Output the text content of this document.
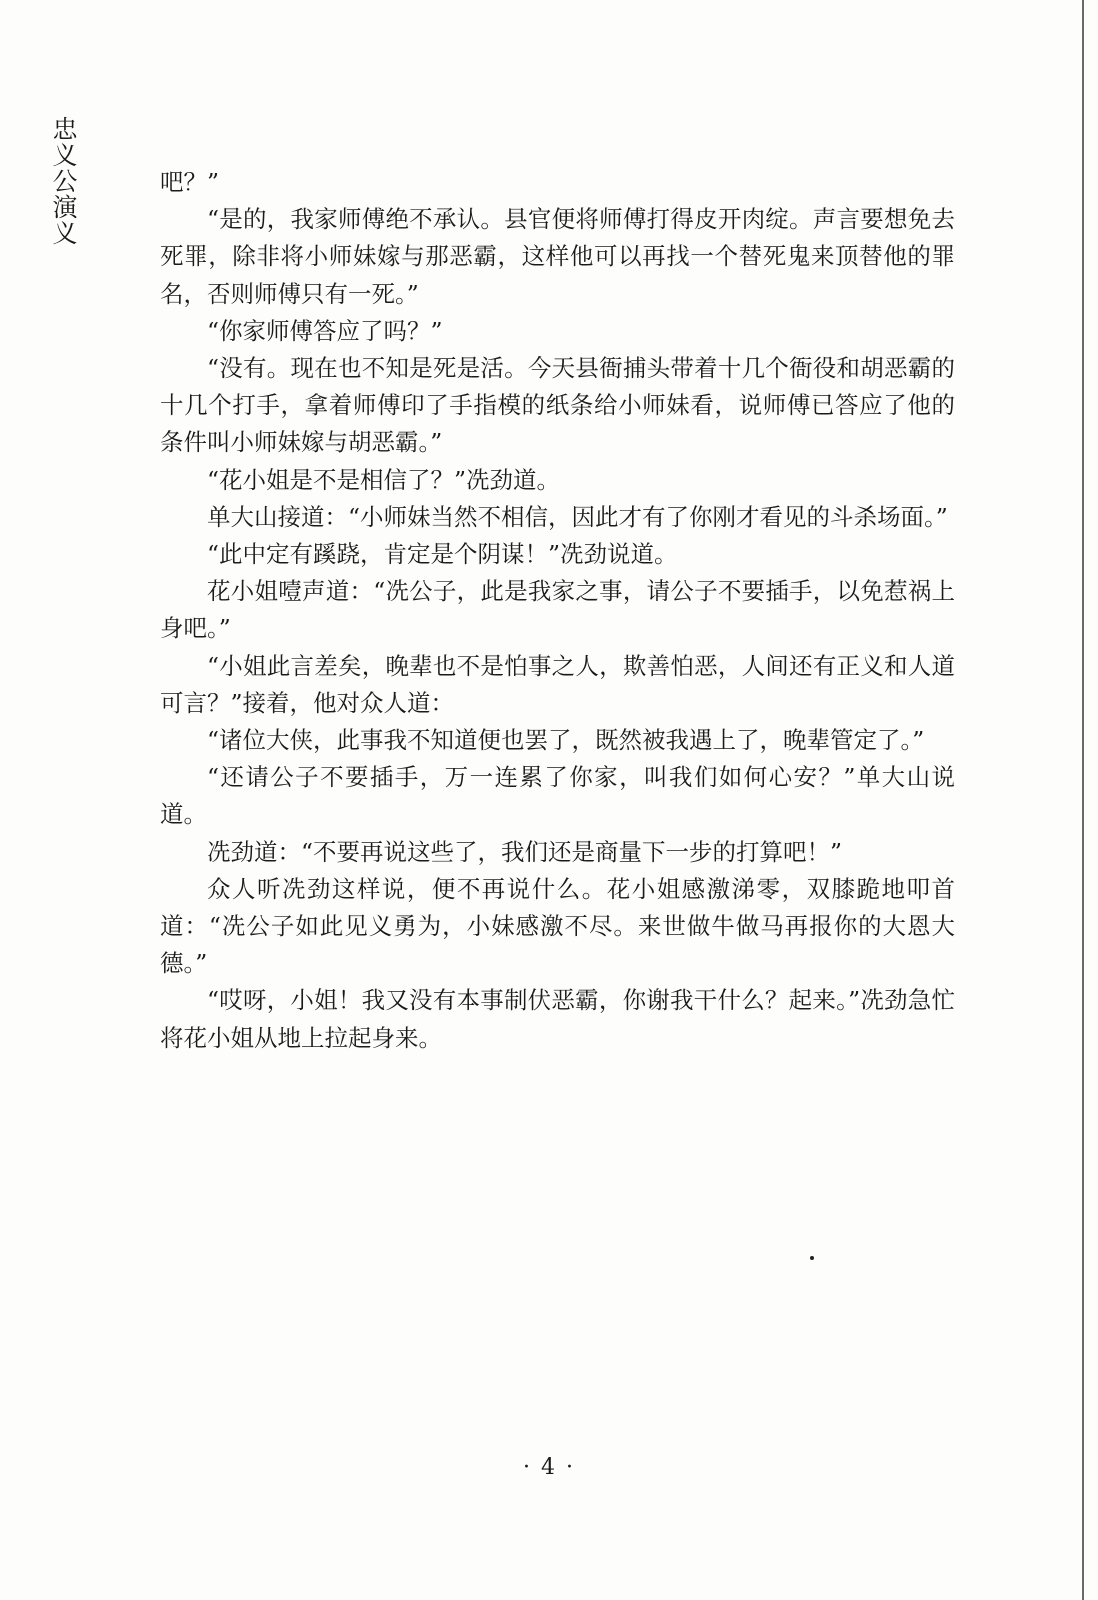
忠义公演义	吧？”

“是的，我家师傅绝不承认。县官便将师傅打得皮开肉绽。声言要想免去死罪，除非将小师妹嫁与那恶霸，这样他可以再找一个替死鬼来顶替他的罪名，否则师傅只有一死。”

“你家师傅答应了吗？”

“没有。现在也不知是死是活。今天县衙捕头带着十几个衙役和胡恶霸的十几个打手，拿着师傅印了手指模的纸条给小师妹看，说师傅已答应了他的条件叫小师妹嫁与胡恶霸。”

“花小姐是不是相信了？”冼劲道。

单大山接道：“小师妹当然不相信，因此才有了你刚才看见的斗杀场面。”

“此中定有蹊跷，肯定是个阴谋！”冼劲说道。

花小姐噎声道：“冼公子，此是我家之事，请公子不要插手，以免惹祸上身吧。”

“小姐此言差矣，晚辈也不是怕事之人，欺善怕恶，人间还有正义和人道可言？”接着，他对众人道：

“诸位大侠，此事我不知道便也罢了，既然被我遇上了，晚辈管定了。”

“还请公子不要插手，万一连累了你家，叫我们如何心安？”单大山说道。

冼劲道：“不要再说这些了，我们还是商量下一步的打算吧！”

众人听冼劲这样说，便不再说什么。花小姐感激涕零，双膝跪地叩首道：“冼公子如此见义勇为，小妹感激不尽。来世做牛做马再报你的大恩大德。”

“哎呀，小姐！我又没有本事制伏恶霸，你谢我干什么？起来。”冼劲急忙将花小姐从地上拉起身来。

· 4 ·
